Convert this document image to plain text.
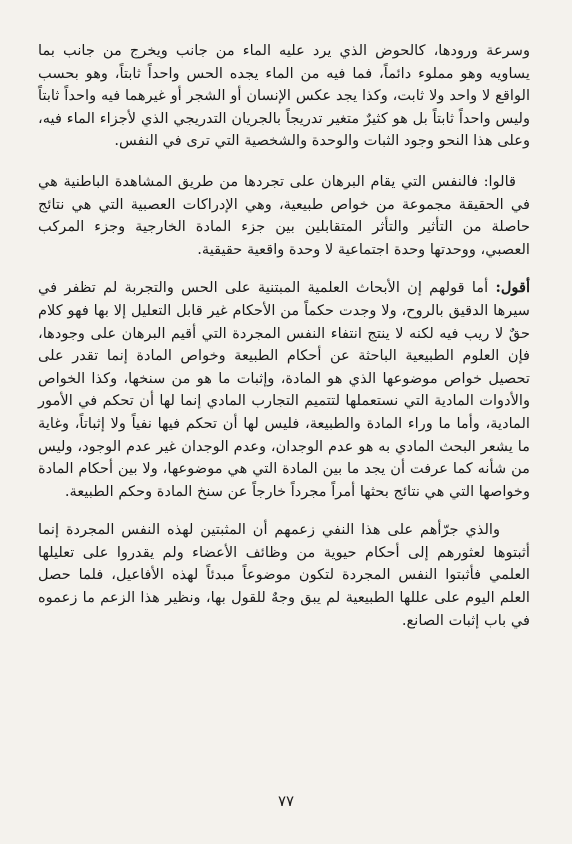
وسرعة ورودها، كالحوض الذي يرد عليه الماء من جانب ويخرج من جانب بما يساويه وهو مملوء دائماً، فما فيه من الماء يجده الحس واحداً ثابتاً، وهو بحسب الواقع لا واحد ولا ثابت، وكذا يجد عكس الإنسان أو الشجر أو غيرهما فيه واحداً ثابتاً وليس واحداً ثابتاً بل هو كثيرٌ متغير تدريجاً بالجريان التدريجي الذي لأجزاء الماء فيه، وعلى هذا النحو وجود الثبات والوحدة والشخصية التي ترى في النفس.

قالوا: فالنفس التي يقام البرهان على تجردها من طريق المشاهدة الباطنية هي في الحقيقة مجموعة من خواص طبيعية، وهي الإدراكات العصبية التي هي نتائج حاصلة من التأثير والتأثر المتقابلين بين جزء المادة الخارجية وجزء المركب العصبي، ووحدتها وحدة اجتماعية لا وحدة واقعية حقيقية.

أقول: أما قولهم إن الأبحاث العلمية المبتنية على الحس والتجربة لم تظفر في سيرها الدقيق بالروح، ولا وجدت حكماً من الأحكام غير قابل التعليل إلا بها فهو كلام حقٌ لا ريب فيه لكنه لا ينتج انتفاء النفس المجردة التي أقيم البرهان على وجودها، فإن العلوم الطبيعية الباحثة عن أحكام الطبيعة وخواص المادة إنما تقدر على تحصيل خواص موضوعها الذي هو المادة، وإثبات ما هو من سنخها، وكذا الخواص والأدوات المادية التي نستعملها لتتميم التجارب المادي إنما لها أن تحكم في الأمور المادية، وأما ما وراء المادة والطبيعة، فليس لها أن تحكم فيها نفياً ولا إثباتاً، وغاية ما يشعر البحث المادي به هو عدم الوجدان، وعدم الوجدان غير عدم الوجود، وليس من شأنه كما عرفت أن يجد ما بين المادة التي هي موضوعها، ولا بين أحكام المادة وخواصها التي هي نتائج بحثها أمراً مجرداً خارجاً عن سنخ المادة وحكم الطبيعة.

والذي جرّأهم على هذا النفي زعمهم أن المثبتين لهذه النفس المجردة إنما أثبتوها لعثورهم إلى أحكام حيوية من وظائف الأعضاء ولم يقدروا على تعليلها العلمي فأثبتوا النفس المجردة لتكون موضوعاً مبدئاً لهذه الأفاعيل، فلما حصل العلم اليوم على عللها الطبيعية لم يبق وجهٌ للقول بها، ونظير هذا الزعم ما زعموه في باب إثبات الصانع.

٧٧
